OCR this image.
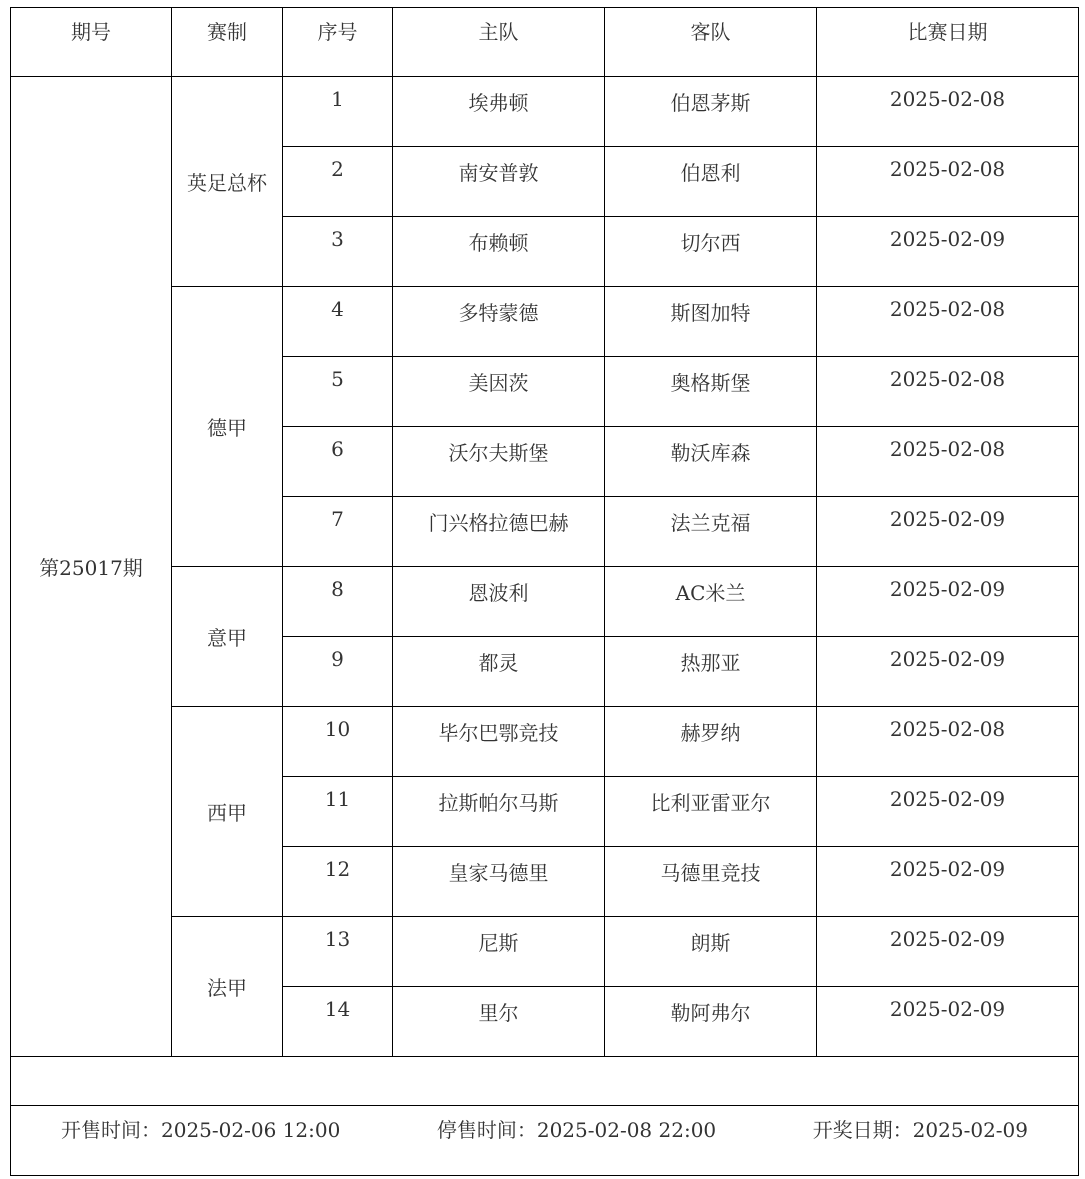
期号	赛制	序号	主队	客队	比赛日期
第25017期	英足总杯	1	埃弗顿	伯恩茅斯	2025-02-08
		2	南安普敦	伯恩利	2025-02-08
		3	布赖顿	切尔西	2025-02-09
	德甲	4	多特蒙德	斯图加特	2025-02-08
		5	美因茨	奥格斯堡	2025-02-08
		6	沃尔夫斯堡	勒沃库森	2025-02-08
		7	门兴格拉德巴赫	法兰克福	2025-02-09
	意甲	8	恩波利	AC米兰	2025-02-09
		9	都灵	热那亚	2025-02-09
	西甲	10	毕尔巴鄂竞技	赫罗纳	2025-02-08
		11	拉斯帕尔马斯	比利亚雷亚尔	2025-02-09
		12	皇家马德里	马德里竞技	2025-02-09
	法甲	13	尼斯	朗斯	2025-02-09
		14	里尔	勒阿弗尔	2025-02-09

开售时间：2025-02-06 12:00 停售时间：2025-02-08 22:00 开奖日期：2025-02-09					
